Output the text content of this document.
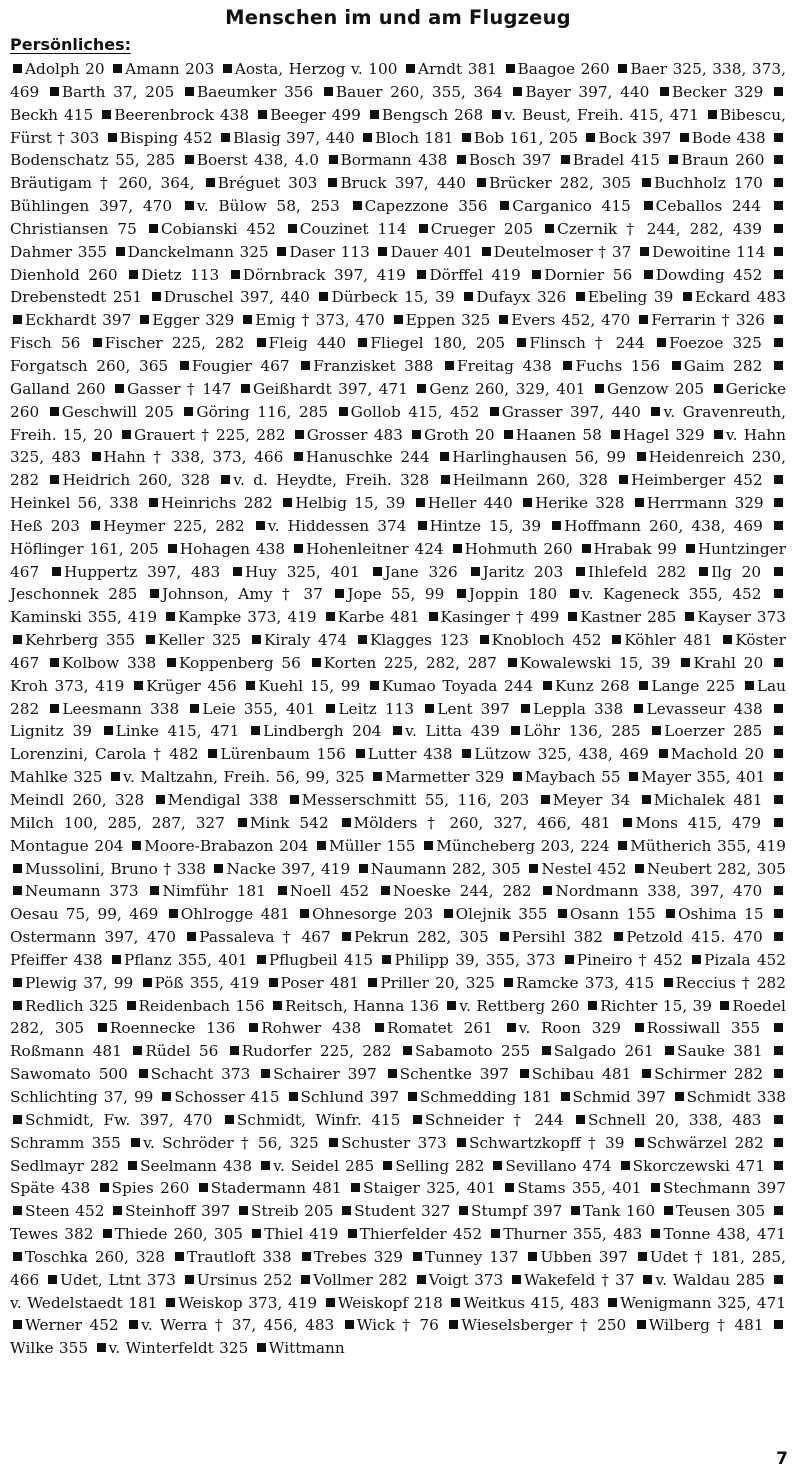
Menschen im und am Flugzeug
Persönliches:
Adolph 20 Amann 203 Aosta, Herzog v. 100 Arndt 381 Baagoe 260 Baer 325, 338, 373, 469 Barth 37, 205 Baeumker 356 Bauer 260, 355, 364 Bayer 397, 440 Becker 329 Beckh 415 Beerenbrock 438 Beeger 499 Bengsch 268 v. Beust, Freih. 415, 471 Bibescu, Fürst † 303 Bisping 452 Blasig 397, 440 Bloch 181 Bob 161, 205 Bock 397 Bode 438 Bodenschatz 55, 285 Boerst 438, 4.0 Bormann 438 Bosch 397 Bradel 415 Braun 260 Bräutigam † 260, 364, Bréguet 303 Bruck 397, 440 Brücker 282, 305 Buchholz 170 Bühlingen 397, 470 v. Bülow 58, 253 Capezzone 356 Carganico 415 Ceballos 244 Christiansen 75 Cobianski 452 Couzinet 114 Crueger 205 Czernik † 244, 282, 439 Dahmer 355 Danckelmann 325 Daser 113 Dauer 401 Deutelmoser † 37 Dewoitine 114 Dienhold 260 Dietz 113 Dörnbrack 397, 419 Dörffel 419 Dornier 56 Dowding 452 Drebenstedt 251 Druschel 397, 440 Dürbeck 15, 39 Dufayx 326 Ebeling 39 Eckard 483 Eckhardt 397 Egger 329 Emig † 373, 470 Eppen 325 Evers 452, 470 Ferrarin † 326 Fisch 56 Fischer 225, 282 Fleig 440 Fliegel 180, 205 Flinsch † 244 Foezoe 325 Forgatsch 260, 365 Fougier 467 Franzisket 388 Freitag 438 Fuchs 156 Gaim 282 Galland 260 Gasser † 147 Geißhardt 397, 471 Genz 260, 329, 401 Genzow 205 Gericke 260 Geschwill 205 Göring 116, 285 Gollob 415, 452 Grasser 397, 440 v. Gravenreuth, Freih. 15, 20 Grauert † 225, 282 Grosser 483 Groth 20 Haanen 58 Hagel 329 v. Hahn 325, 483 Hahn † 338, 373, 466 Hanuschke 244 Harlinghausen 56, 99 Heidenreich 230, 282 Heidrich 260, 328 v. d. Heydte, Freih. 328 Heilmann 260, 328 Heimberger 452 Heinkel 56, 338 Heinrichs 282 Helbig 15, 39 Heller 440 Herike 328 Herrmann 329 Heß 203 Heymer 225, 282 v. Hiddessen 374 Hintze 15, 39 Hoffmann 260, 438, 469 Höflinger 161, 205 Hohagen 438 Hohenleitner 424 Hohmuth 260 Hrabak 99 Huntzinger 467 Huppertz 397, 483 Huy 325, 401 Jane 326 Jaritz 203 Ihlefeld 282 Ilg 20 Jeschonnek 285 Johnson, Amy † 37 Jope 55, 99 Joppin 180 v. Kageneck 355, 452 Kaminski 355, 419 Kampke 373, 419 Karbe 481 Kasinger † 499 Kastner 285 Kayser 373 Kehrberg 355 Keller 325 Kiraly 474 Klagges 123 Knobloch 452 Köhler 481 Köster 467 Kolbow 338 Koppenberg 56 Korten 225, 282, 287 Kowalewski 15, 39 Krahl 20 Kroh 373, 419 Krüger 456 Kuehl 15, 99 Kumao Toyada 244 Kunz 268 Lange 225 Lau 282 Leesmann 338 Leie 355, 401 Leitz 113 Lent 397 Leppla 338 Levasseur 438 Lignitz 39 Linke 415, 471 Lindbergh 204 v. Litta 439 Löhr 136, 285 Loerzer 285 Lorenzini, Carola † 482 Lürenbaum 156 Lutter 438 Lützow 325, 438, 469 Machold 20 Mahlke 325 v. Maltzahn, Freih. 56, 99, 325 Marmetter 329 Maybach 55 Mayer 355, 401 Meindl 260, 328 Mendigal 338 Messerschmitt 55, 116, 203 Meyer 34 Michalek 481 Milch 100, 285, 287, 327 Mink 542 Mölders † 260, 327, 466, 481 Mons 415, 479 Montague 204 Moore-Brabazon 204 Müller 155 Müncheberg 203, 224 Mütherich 355, 419 Mussolini, Bruno † 338 Nacke 397, 419 Naumann 282, 305 Nestel 452 Neubert 282, 305 Neumann 373 Nimführ 181 Noell 452 Noeske 244, 282 Nordmann 338, 397, 470 Oesau 75, 99, 469 Ohlrogge 481 Ohnesorge 203 Olejnik 355 Osann 155 Oshima 15 Ostermann 397, 470 Passaleva † 467 Pekrun 282, 305 Persihl 382 Petzold 415. 470 Pfeiffer 438 Pflanz 355, 401 Pflugbeil 415 Philipp 39, 355, 373 Pineiro † 452 Pizala 452 Plewig 37, 99 Pöß 355, 419 Poser 481 Priller 20, 325 Ramcke 373, 415 Reccius † 282 Redlich 325 Reidenbach 156 Reitsch, Hanna 136 v. Rettberg 260 Richter 15, 39 Roedel 282, 305 Roennecke 136 Rohwer 438 Romatet 261 v. Roon 329 Rossiwall 355 Roßmann 481 Rüdel 56 Rudorfer 225, 282 Sabamoto 255 Salgado 261 Sauke 381 Sawomato 500 Schacht 373 Schairer 397 Schentke 397 Schibau 481 Schirmer 282 Schlichting 37, 99 Schosser 415 Schlund 397 Schmedding 181 Schmid 397 Schmidt 338 Schmidt, Fw. 397, 470 Schmidt, Winfr. 415 Schneider † 244 Schnell 20, 338, 483 Schramm 355 v. Schröder † 56, 325 Schuster 373 Schwartzkopff † 39 Schwärzel 282 Sedlmayr 282 Seelmann 438 v. Seidel 285 Selling 282 Sevillano 474 Skorczewski 471 Späte 438 Spies 260 Stadermann 481 Staiger 325, 401 Stams 355, 401 Stechmann 397 Steen 452 Steinhoff 397 Streib 205 Student 327 Stumpf 397 Tank 160 Teusen 305 Tewes 382 Thiede 260, 305 Thiel 419 Thierfelder 452 Thurner 355, 483 Tonne 438, 471 Toschka 260, 328 Trautloft 338 Trebes 329 Tunney 137 Ubben 397 Udet † 181, 285, 466 Udet, Ltnt 373 Ursinus 252 Vollmer 282 Voigt 373 Wakefeld † 37 v. Waldau 285 v. Wedelstaedt 181 Weiskop 373, 419 Weiskopf 218 Weitkus 415, 483 Wenigmann 325, 471 Werner 452 v. Werra † 37, 456, 483 Wick † 76 Wieselsberger † 250 Wilberg † 481 Wilke 355 v. Winterfeldt 325 Wittmann
7
